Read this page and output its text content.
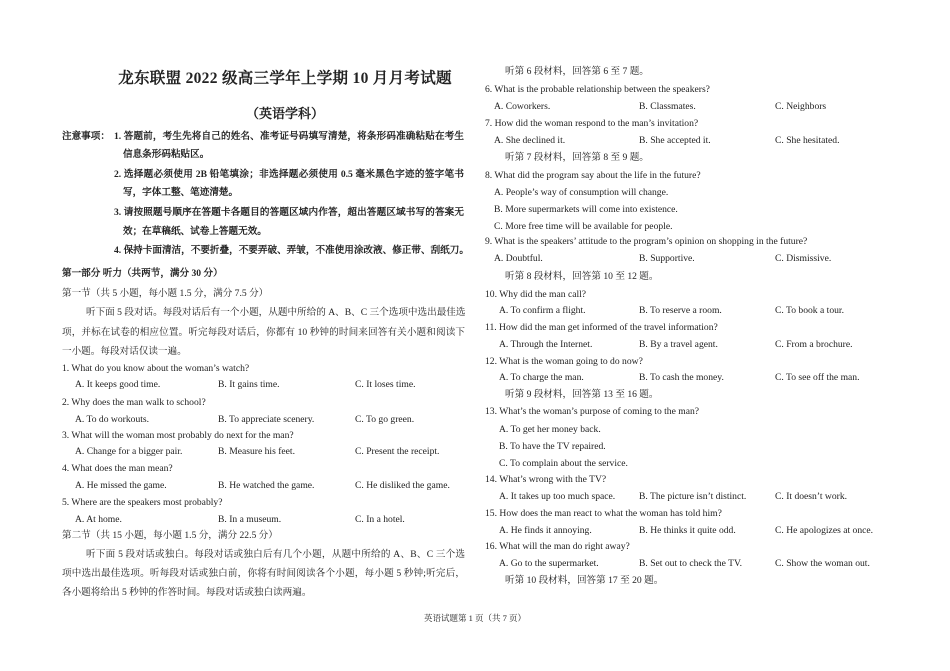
龙东联盟 2022 级高三学年上学期 10 月月考试题
（英语学科）
注意事项： 1. 答题前，考生先将自己的姓名、准考证号码填写清楚，将条形码准确粘贴在考生
信息条形码粘贴区。
2. 选择题必须使用 2B 铅笔填涂；非选择题必须使用 0.5 毫米黑色字迹的签字笔书
写，字体工整、笔迹清楚。
3. 请按照题号顺序在答题卡各题目的答题区域内作答，超出答题区域书写的答案无
效；在草稿纸、试卷上答题无效。
4. 保持卡面清洁，不要折叠，不要弄破、弄皱，不准使用涂改液、修正带、刮纸刀。
第一部分 听力（共两节，满分 30 分）
第一节（共 5 小题，每小题 1.5 分，满分 7.5 分）
听下面 5 段对话。每段对话后有一个小题，从题中所给的 A、B、C 三个选项中选出最佳选
项，并标在试卷的相应位置。听完每段对话后，你都有 10 秒钟的时间来回答有关小题和阅读下
一小题。每段对话仅读一遍。
1. What do you know about the woman’s watch?
A. It keeps good time.	B. It gains time.	C. It loses time.
2. Why does the man walk to school?
A. To do workouts.	B. To appreciate scenery.	C. To go green.
3. What will the woman most probably do next for the man?
A. Change for a bigger pair.	B. Measure his feet.	C. Present the receipt.
4. What does the man mean?
A. He missed the game.	B. He watched the game.	C. He disliked the game.
5. Where are the speakers most probably?
A. At home.	B. In a museum.	C. In a hotel.
第二节（共 15 小题，每小题 1.5 分，满分 22.5 分）
听下面 5 段对话或独白。每段对话或独白后有几个小题，从题中所给的 A、B、C 三个选
项中选出最佳选项。听每段对话或独白前，你将有时间阅读各个小题，每小题 5 秒钟;听完后，
各小题将给出 5 秒钟的作答时间。每段对话或独白读两遍。
听第 6 段材料，回答第 6 至 7 题。
6. What is the probable relationship between the speakers?
A. Coworkers.	B. Classmates.	C. Neighbors
7. How did the woman respond to the man’s invitation?
A. She declined it.	B. She accepted it.	C. She hesitated.
听第 7 段材料，回答第 8 至 9 题。
8. What did the program say about the life in the future?
A. People’s way of consumption will change.
B. More supermarkets will come into existence.
C. More free time will be available for people.
9. What is the speakers’ attitude to the program’s opinion on shopping in the future?
A. Doubtful.	B. Supportive.	C. Dismissive.
听第 8 段材料，回答第 10 至 12 题。
10. Why did the man call?
A. To confirm a flight.	B. To reserve a room.	C. To book a tour.
11. How did the man get informed of the travel information?
A. Through the Internet.	B. By a travel agent.	C. From a brochure.
12. What is the woman going to do now?
A. To charge the man.	B. To cash the money.	C. To see off the man.
听第 9 段材料，回答第 13 至 16 题。
13. What’s the woman’s purpose of coming to the man?
A. To get her money back.
B. To have the TV repaired.
C. To complain about the service.
14. What’s wrong with the TV?
A. It takes up too much space. B. The picture isn’t distinct.	C. It doesn’t work.
15. How does the man react to what the woman has told him?
A. He finds it annoying.	B. He thinks it quite odd.	C. He apologizes at once.
16. What will the man do right away?
A. Go to the supermarket.	B. Set out to check the TV.	C. Show the woman out.
听第 10 段材料，回答第 17 至 20 题。
英语试题第 1 页（共 7 页）
